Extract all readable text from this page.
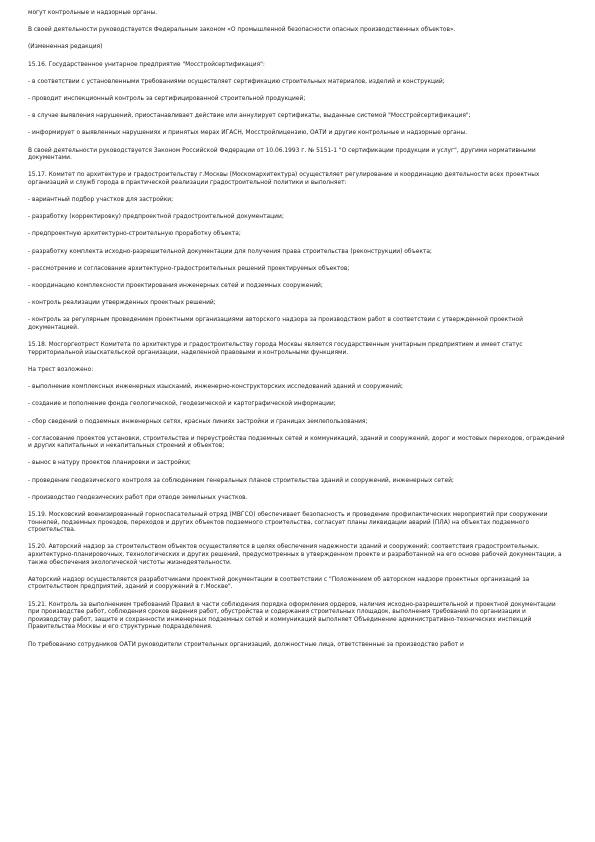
могут контрольные и надзорные органы.

В своей деятельности руководствуется Федеральным законом «О промышленной безопасности опасных производственных объектов».

(Измененная редакция)

15.16. Государственное унитарное предприятие "Мосстройсертификация":

- в соответствии с установленными требованиями осуществляет сертификацию строительных материалов, изделий и конструкций;

- проводит инспекционный контроль за сертифицированной строительной продукцией;

- в случае выявления нарушений, приостанавливает действие или аннулирует сертификаты, выданные системой "Мосстройсертификация";

- информирует о выявленных нарушениях и принятых мерах ИГАСН, Мосстройлицензию, ОАТИ и другие контрольные и надзорные органы.

В своей деятельности руководствуется Законом Российской Федерации от 10.06.1993 г. № 5151-1 "О сертификации продукции и услуг", другими нормативными документами.

15.17. Комитет по архитектуре и градостроительству г.Москвы (Москомархитектура) осуществляет регулирование и координацию деятельности всех проектных организаций и служб города в практической реализации градостроительной политики и выполняет:

- вариантный подбор участков для застройки;

- разработку (корректировку) предпроектной градостроительной документации;

- предпроектную архитектурно-строительную проработку объекта;

- разработку комплекта исходно-разрешительной документации для получения права строительства (реконструкции) объекта;

- рассмотрение и согласование архитектурно-градостроительных решений проектируемых объектов;

- координацию комплексности проектирования инженерных сетей и подземных сооружений;

- контроль реализации утвержденных проектных решений;

- контроль за регулярным проведением проектными организациями авторского надзора за производством работ в соответствии с утвержденной проектной документацией.

15.18. Мосгоргеотрест Комитета по архитектуре и градостроительству города Москвы является государственным унитарным предприятием и имеет статус территориальной изыскательской организации, наделенной правовыми и контрольными функциями.

На трест возложено:

- выполнение комплексных инженерных изысканий, инженерно-конструкторских исследований зданий и сооружений;

- создание и пополнение фонда геологической, геодезической и картографической информации;

- сбор сведений о подземных инженерных сетях, красных линиях застройки и границах землепользования;

- согласование проектов установки, строительства и переустройства подземных сетей и коммуникаций, зданий и сооружений, дорог и мостовых переходов, ограждений и других капитальных и некапитальных строений и объектов;

- вынос в натуру проектов планировки и застройки;

- проведение геодезического контроля за соблюдением генеральных планов строительства зданий и сооружений, инженерных сетей;

- производство геодезических работ при отводе земельных участков.

15.19. Московский военизированный горноспасательный отряд (МВГСО) обеспечивает безопасность и проведение профилактических мероприятий при сооружении тоннелей, подземных проездов, переходов и других объектов подземного строительства, согласует планы ликвидации аварий (ПЛА) на объектах подземного строительства.

15.20. Авторский надзор за строительством объектов осуществляется в целях обеспечения надежности зданий и сооружений; соответствия градостроительных, архитектурно-планировочных, технологических и других решений, предусмотренных в утвержденном проекте и разработанной на его основе рабочей документации, а также обеспечения экологической чистоты жизнедеятельности.

Авторский надзор осуществляется разработчиками проектной документации в соответствии с "Положением об авторском надзоре проектных организаций за строительством предприятий, зданий и сооружений в г.Москве".

15.21. Контроль за выполнением требований Правил в части соблюдения порядка оформления ордеров, наличия исходно-разрешительной и проектной документации при производстве работ, соблюдения сроков ведения работ, обустройства и содержания строительных площадок, выполнения требований по организации и производству работ, защите и сохранности инженерных подземных сетей и коммуникаций выполняет Объединение административно-технических инспекций Правительства Москвы и его структурные подразделения.

По требованию сотрудников ОАТИ руководители строительных организаций, должностные лица, ответственные за производство работ и
